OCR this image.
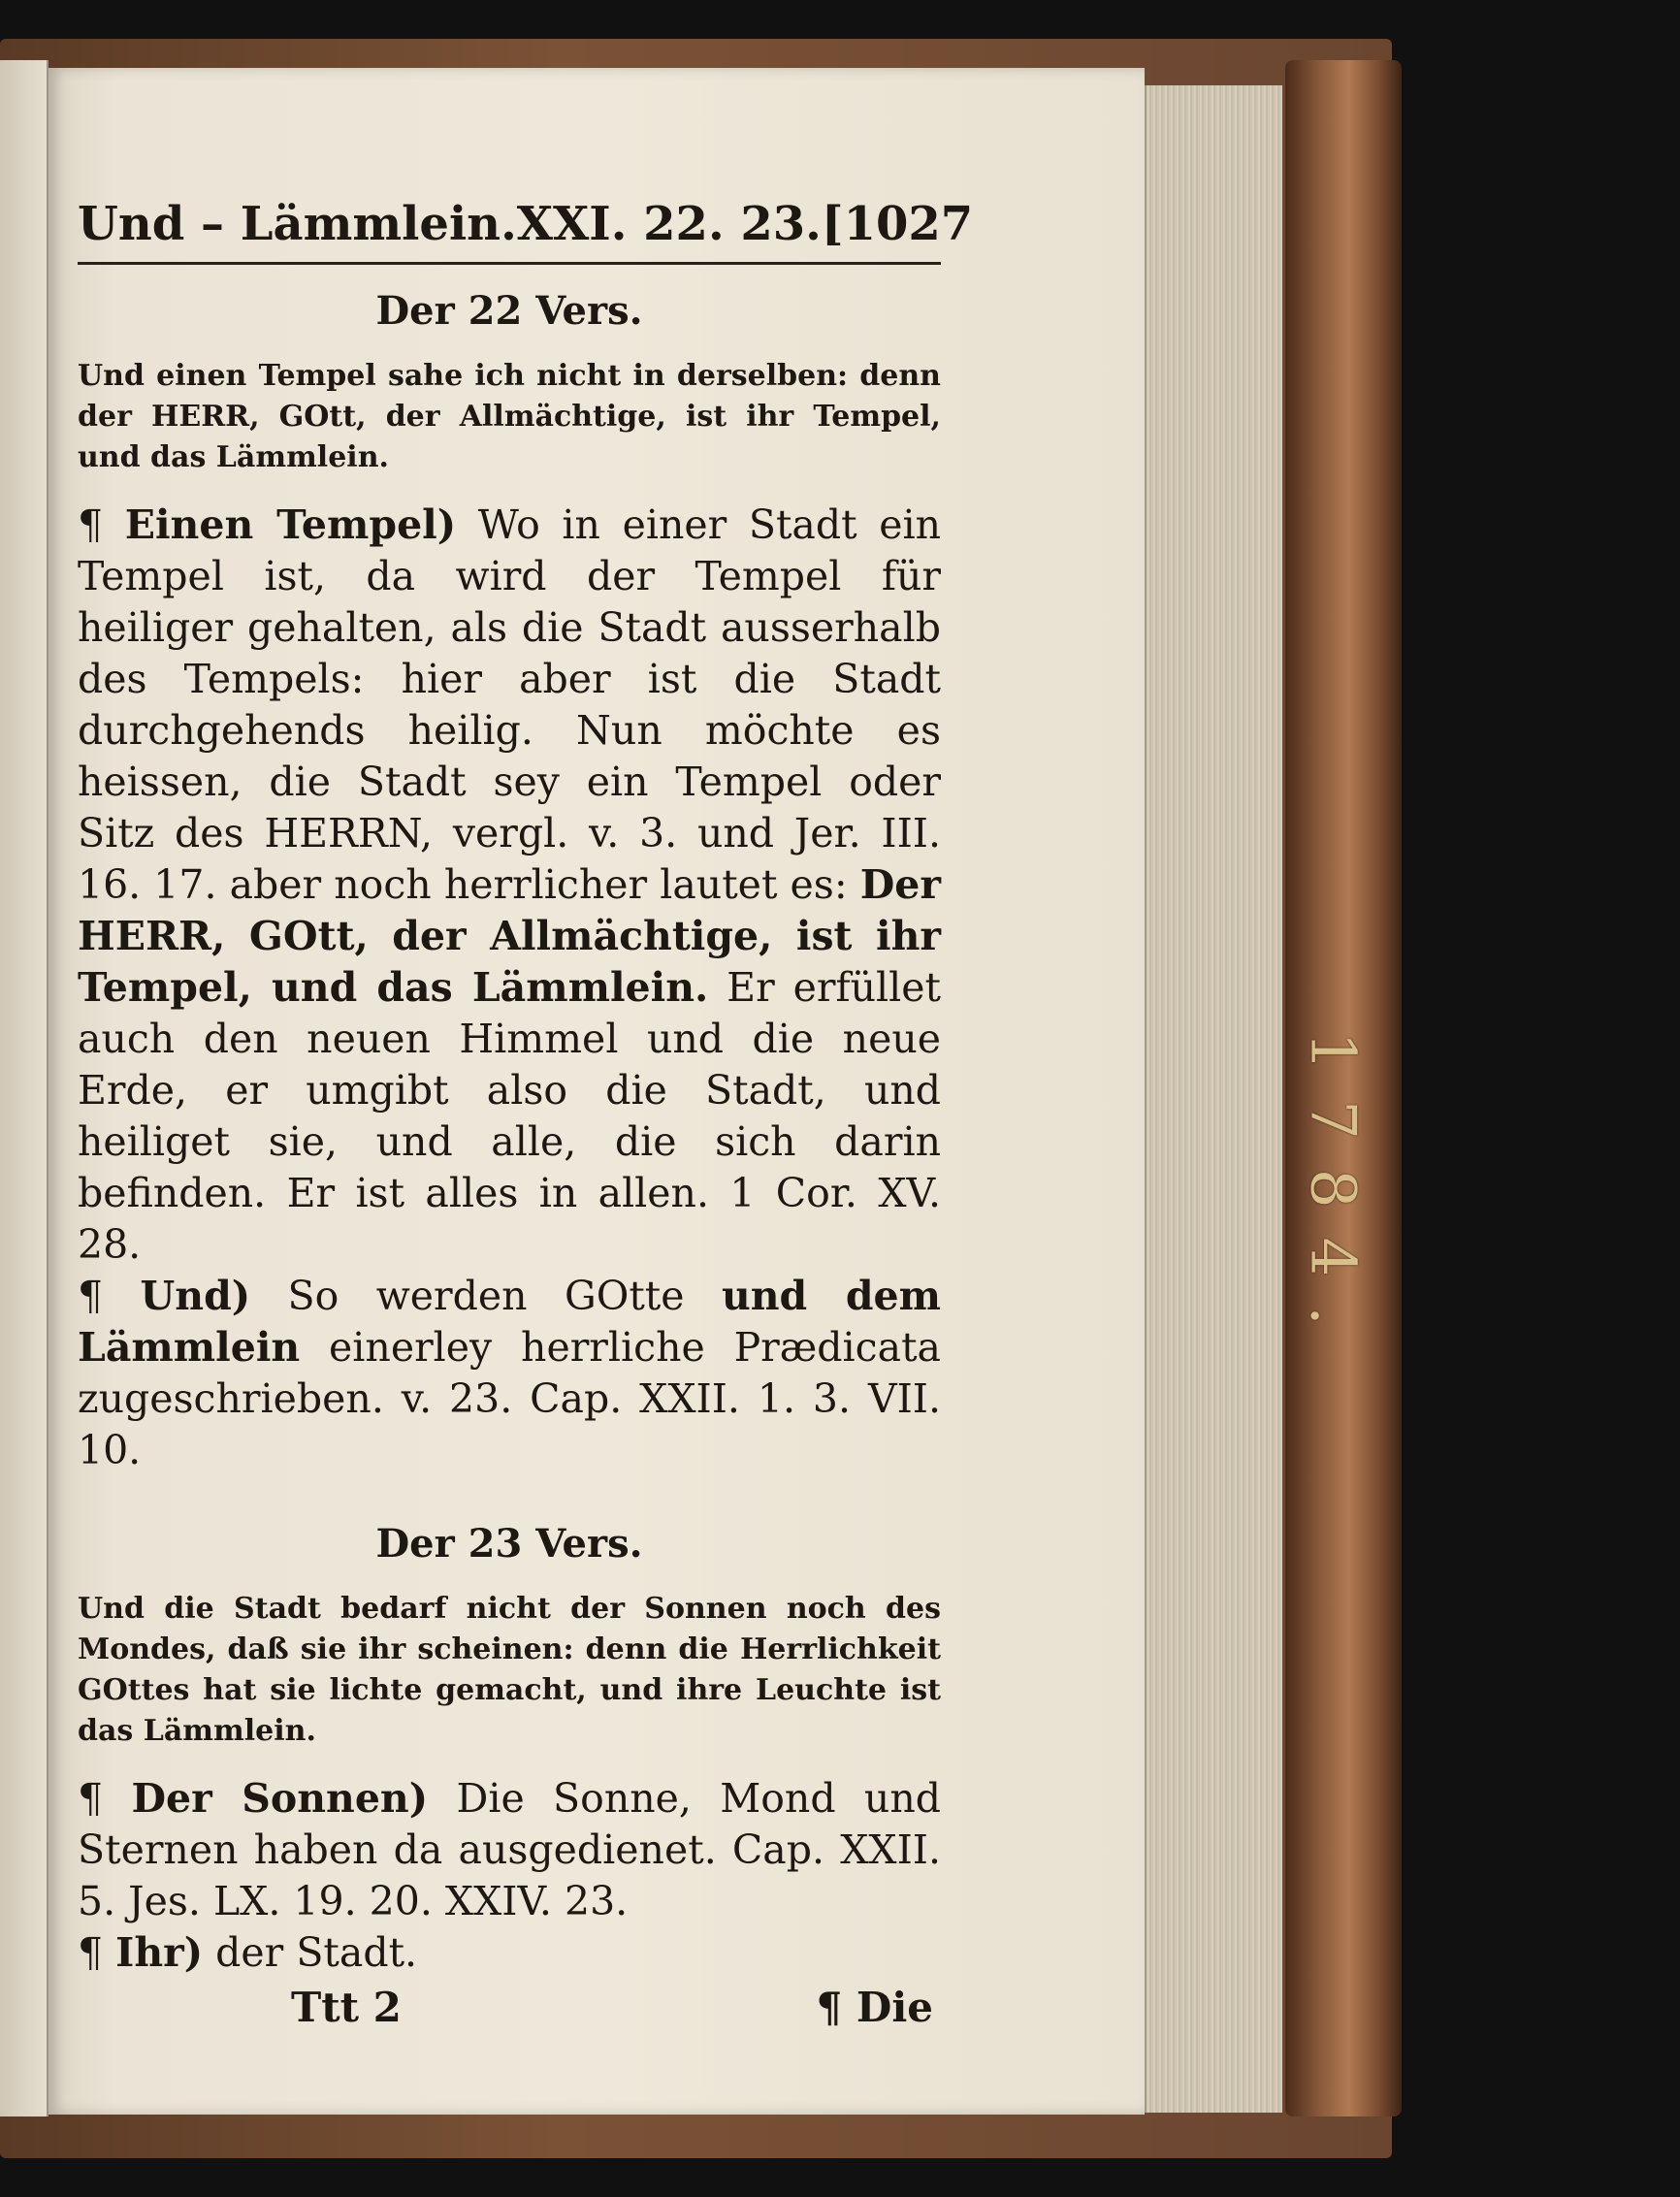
1784.
Und – Lämmlein. XXI. 22. 23. [1027
Der 22 Vers.

Und einen Tempel sahe ich nicht in derselben: denn der HERR, GOtt, der Allmächtige, ist ihr Tempel, und das Lämmlein.

¶ Einen Tempel) Wo in einer Stadt ein Tempel ist, da wird der Tempel für heiliger gehalten, als die Stadt ausserhalb des Tempels: hier aber ist die Stadt durchgehends heilig. Nun möchte es heissen, die Stadt sey ein Tempel oder Sitz des HERRN, vergl. v. 3. und Jer. III. 16. 17. aber noch herrlicher lautet es: Der HERR, GOtt, der Allmächtige, ist ihr Tempel, und das Lämmlein. Er erfüllet auch den neuen Himmel und die neue Erde, er umgibt also die Stadt, und heiliget sie, und alle, die sich darin befinden. Er ist alles in allen. 1 Cor. XV. 28.

¶ Und) So werden GOtte und dem Lämmlein einerley herrliche Prædicata zugeschrieben. v. 23. Cap. XXII. 1. 3. VII. 10.

Der 23 Vers.

Und die Stadt bedarf nicht der Sonnen noch des Mondes, daß sie ihr scheinen: denn die Herrlichkeit GOttes hat sie lichte gemacht, und ihre Leuchte ist das Lämmlein.

¶ Der Sonnen) Die Sonne, Mond und Sternen haben da ausgedienet. Cap. XXII. 5. Jes. LX. 19. 20. XXIV. 23.

¶ Ihr) der Stadt.

Ttt 2	¶ Die
